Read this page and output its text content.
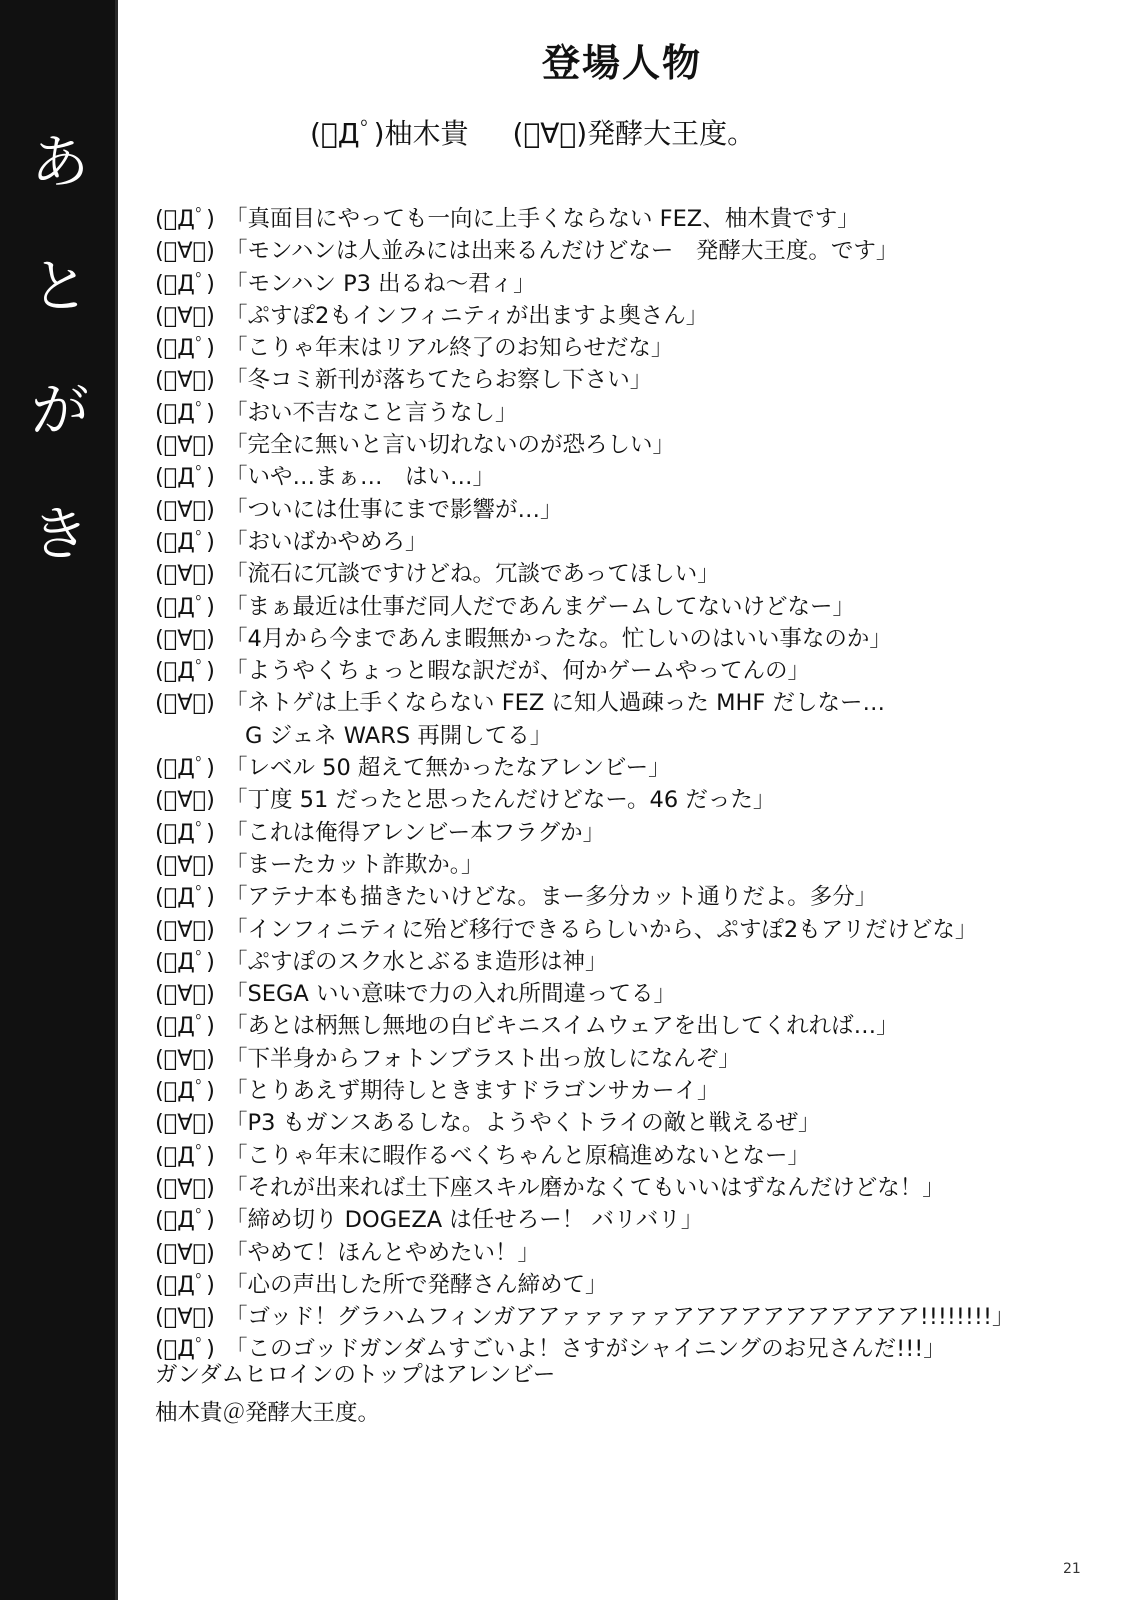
あ
と
が
き
登場人物
(ﾟДﾟ)柚木貴 (ﾟ∀ﾟ)発酵大王度。
(ﾟДﾟ) 「真面目にやっても一向に上手くならない FEZ、柚木貴です」
(ﾟ∀ﾟ) 「モンハンは人並みには出来るんだけどなー　発酵大王度。です」
(ﾟДﾟ) 「モンハン P3 出るね～君ィ」
(ﾟ∀ﾟ) 「ぷすぽ2もインフィニティが出ますよ奥さん」
(ﾟДﾟ) 「こりゃ年末はリアル終了のお知らせだな」
(ﾟ∀ﾟ) 「冬コミ新刊が落ちてたらお察し下さい」
(ﾟДﾟ) 「おい不吉なこと言うなし」
(ﾟ∀ﾟ) 「完全に無いと言い切れないのが恐ろしい」
(ﾟДﾟ) 「いや…まぁ…　はい…」
(ﾟ∀ﾟ) 「ついには仕事にまで影響が…」
(ﾟДﾟ) 「おいばかやめろ」
(ﾟ∀ﾟ) 「流石に冗談ですけどね。冗談であってほしい」
(ﾟДﾟ) 「まぁ最近は仕事だ同人だであんまゲームしてないけどなー」
(ﾟ∀ﾟ) 「4月から今まであんま暇無かったな。忙しいのはいい事なのか」
(ﾟДﾟ) 「ようやくちょっと暇な訳だが、何かゲームやってんの」
(ﾟ∀ﾟ) 「ネトゲは上手くならない FEZ に知人過疎った MHF だしなー…
G ジェネ WARS 再開してる」
(ﾟДﾟ) 「レベル 50 超えて無かったなアレンビー」
(ﾟ∀ﾟ) 「丁度 51 だったと思ったんだけどなー。46 だった」
(ﾟДﾟ) 「これは俺得アレンビー本フラグか」
(ﾟ∀ﾟ) 「まーたカット詐欺か。」
(ﾟДﾟ) 「アテナ本も描きたいけどな。まー多分カット通りだよ。多分」
(ﾟ∀ﾟ) 「インフィニティに殆ど移行できるらしいから、ぷすぽ2もアリだけどな」
(ﾟДﾟ) 「ぷすぽのスク水とぶるま造形は神」
(ﾟ∀ﾟ) 「SEGA いい意味で力の入れ所間違ってる」
(ﾟДﾟ) 「あとは柄無し無地の白ビキニスイムウェアを出してくれれば…」
(ﾟ∀ﾟ) 「下半身からフォトンブラスト出っ放しになんぞ」
(ﾟДﾟ) 「とりあえず期待しときますドラゴンサカーイ」
(ﾟ∀ﾟ) 「P3 もガンスあるしな。ようやくトライの敵と戦えるぜ」
(ﾟДﾟ) 「こりゃ年末に暇作るべくちゃんと原稿進めないとなー」
(ﾟ∀ﾟ) 「それが出来れば土下座スキル磨かなくてもいいはずなんだけどな！」
(ﾟДﾟ) 「締め切り DOGEZA は任せろー！ バリバリ」
(ﾟ∀ﾟ) 「やめて！ほんとやめたい！」
(ﾟДﾟ) 「心の声出した所で発酵さん締めて」
(ﾟ∀ﾟ) 「ゴッド！グラハムフィンガアアァァァァァアアアアアアアアアアア!!!!!!!!」
(ﾟДﾟ) 「このゴッドガンダムすごいよ！さすがシャイニングのお兄さんだ!!!」
ガンダムヒロインのトップはアレンビー
柚木貴＠発酵大王度。
21
